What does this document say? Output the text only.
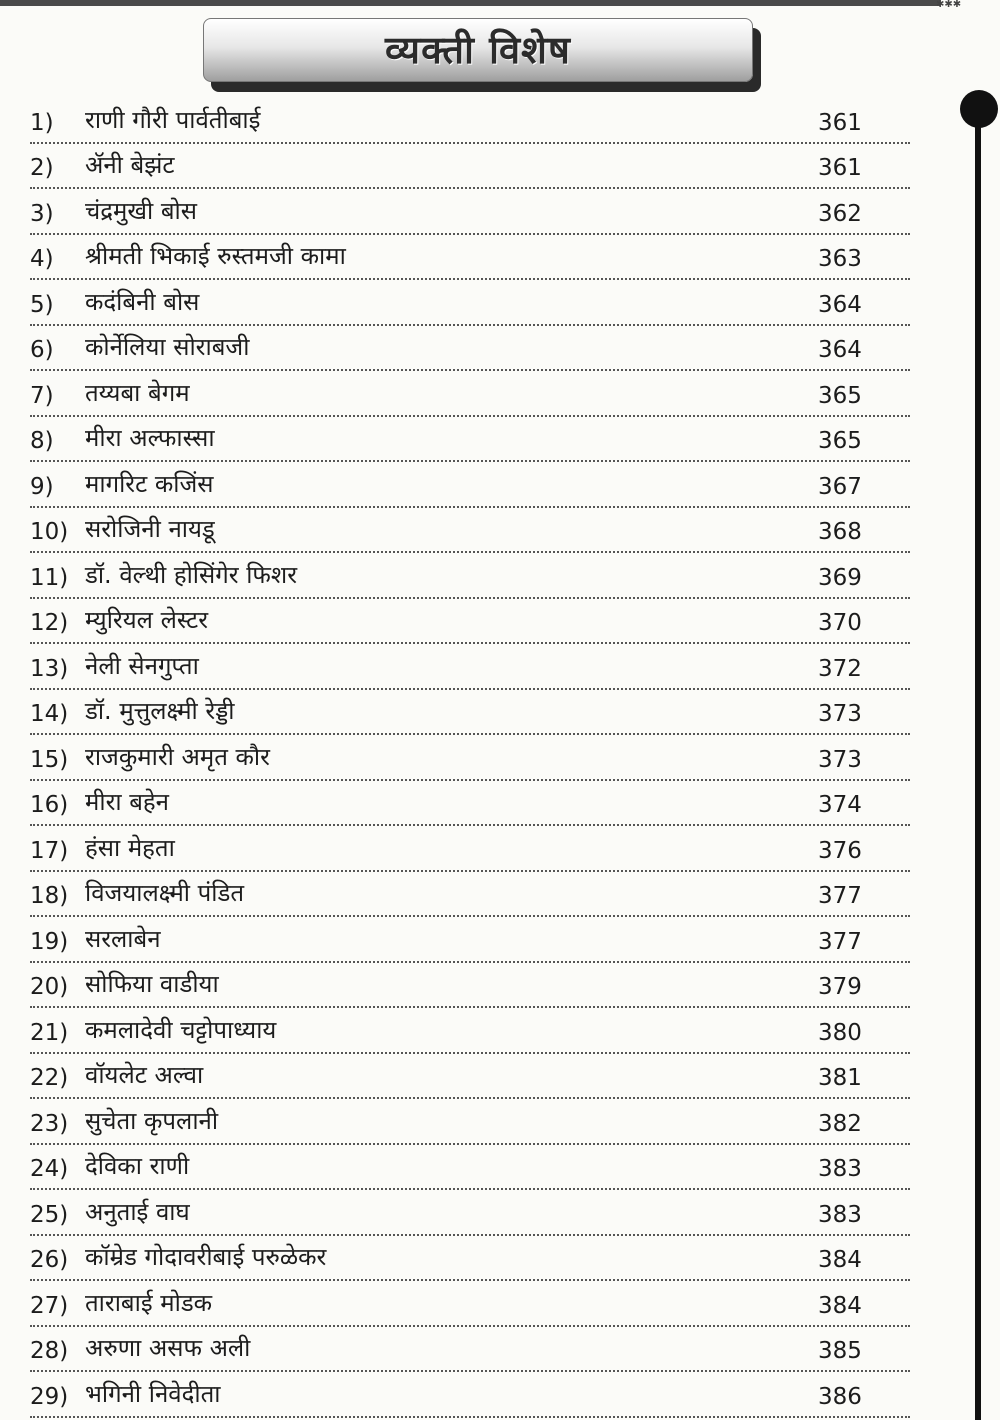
✱✱✱
व्यक्ती विशेष
1)	राणी गौरी पार्वतीबाई	361
2)	ॲनी बेझंट	361
3)	चंद्रमुखी बोस	362
4)	श्रीमती भिकाई रुस्तमजी कामा	363
5)	कदंबिनी बोस	364
6)	कोर्नेलिया सोराबजी	364
7)	तय्यबा बेगम	365
8)	मीरा अल्फास्सा	365
9)	मागरिट कजिंस	367
10) सरोजिनी नायडू	368
11) डॉ. वेल्थी होसिंगेर फिशर	369
12) म्युरियल लेस्टर	370
13) नेली सेनगुप्ता	372
14) डॉ. मुत्तुलक्ष्मी रेड्डी	373
15) राजकुमारी अमृत कौर	373
16) मीरा बहेन	374
17) हंसा मेहता	376
18) विजयालक्ष्मी पंडित	377
19) सरलाबेन	377
20) सोफिया वाडीया	379
21) कमलादेवी चट्टोपाध्याय	380
22) वॉयलेट अल्वा	381
23) सुचेता कृपलानी	382
24) देविका राणी	383
25) अनुताई वाघ	383
26) कॉम्रेड गोदावरीबाई परुळेकर	384
27) ताराबाई मोडक	384
28) अरुणा असफ अली	385
29) भगिनी निवेदीता	386
